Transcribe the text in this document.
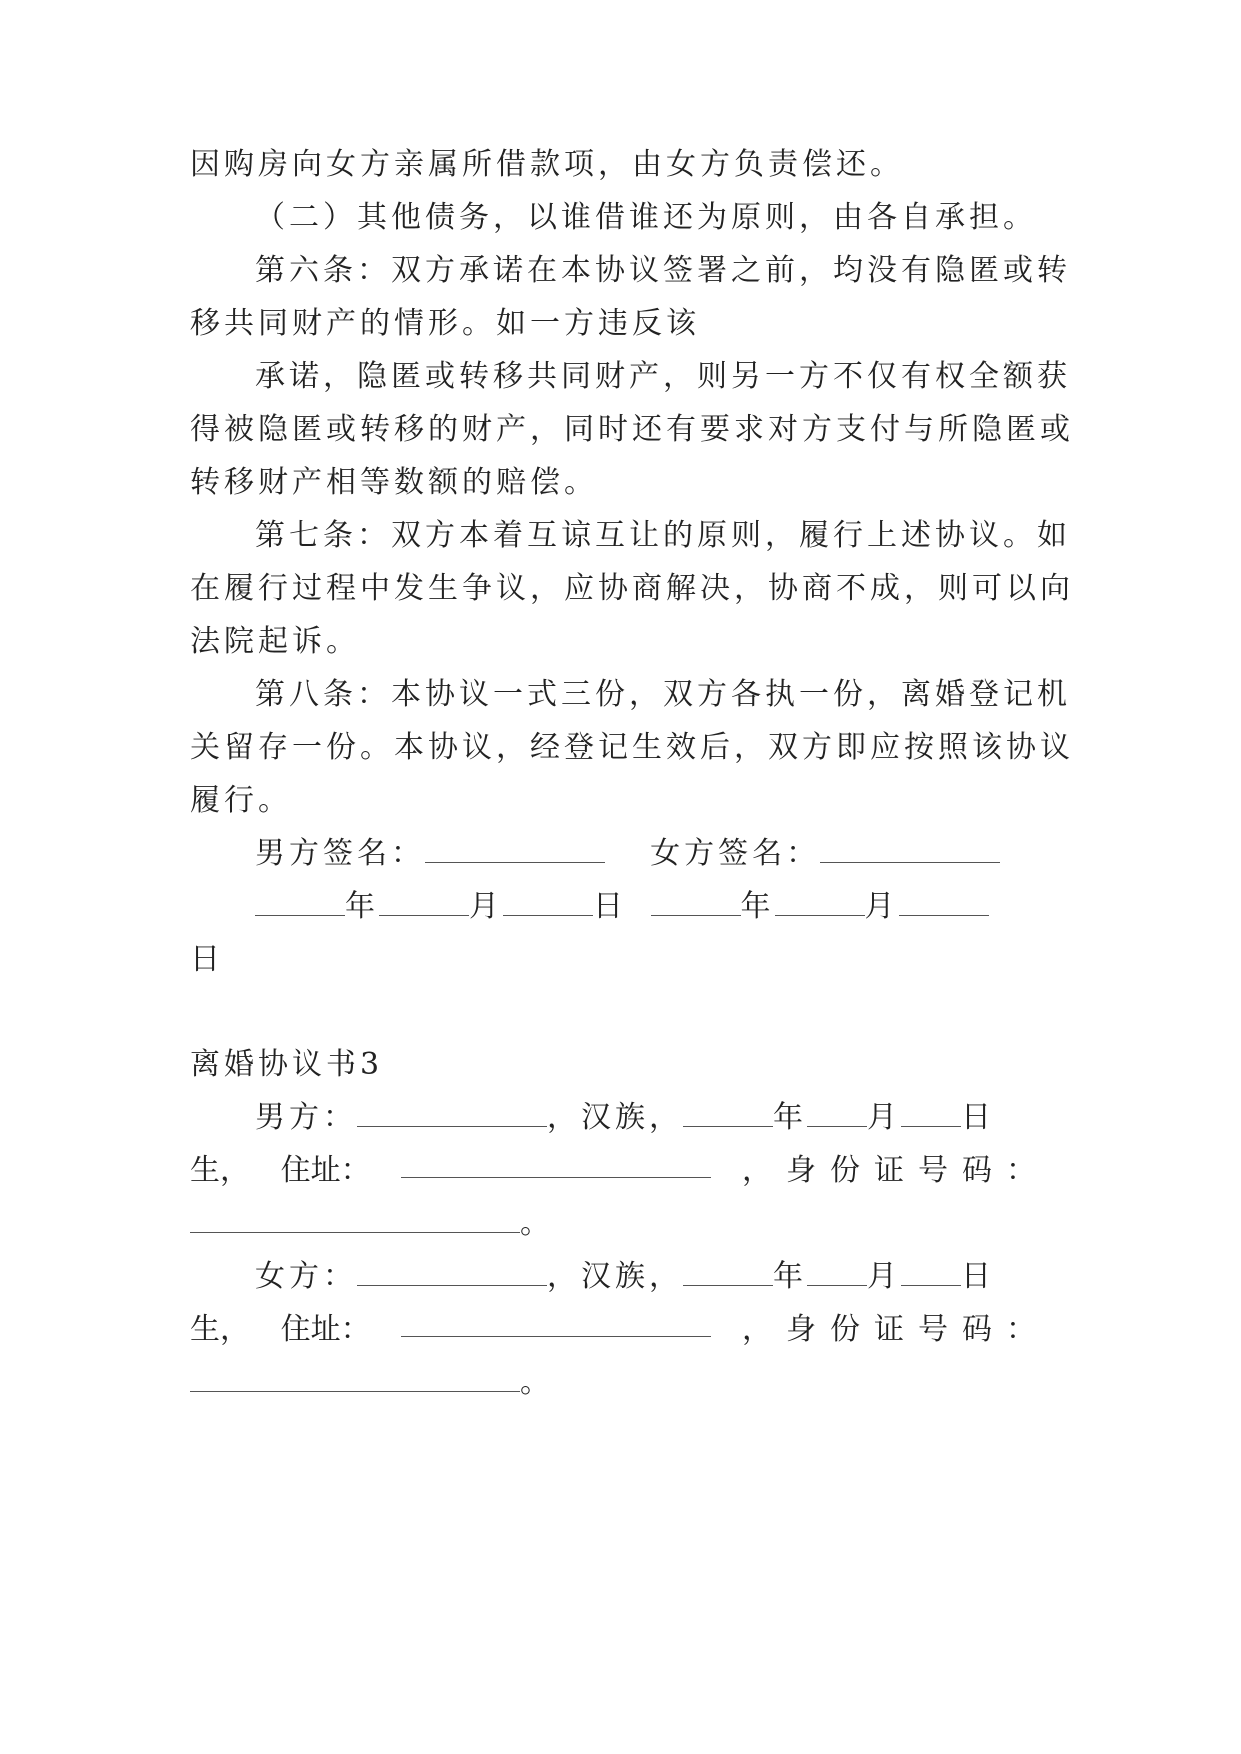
因购房向女方亲属所借款项，由女方负责偿还。
（二）其他债务，以谁借谁还为原则，由各自承担。
第六条：双方承诺在本协议签署之前，均没有隐匿或转
移共同财产的情形。如一方违反该
承诺，隐匿或转移共同财产，则另一方不仅有权全额获
得被隐匿或转移的财产，同时还有要求对方支付与所隐匿或
转移财产相等数额的赔偿。
第七条：双方本着互谅互让的原则，履行上述协议。如
在履行过程中发生争议，应协商解决，协商不成，则可以向
法院起诉。
第八条：本协议一式三份，双方各执一份，离婚登记机
关留存一份。本协议，经登记生效后，双方即应按照该协议
履行。
男方签名：	女方签名：
年	月	日	年	月
日
离婚协议书3
男方：	，汉族，	年 月 日
生， 住址：	，身份证号码：
。
女方：	，汉族，	年 月 日
生， 住址：	，身份证号码：
。
